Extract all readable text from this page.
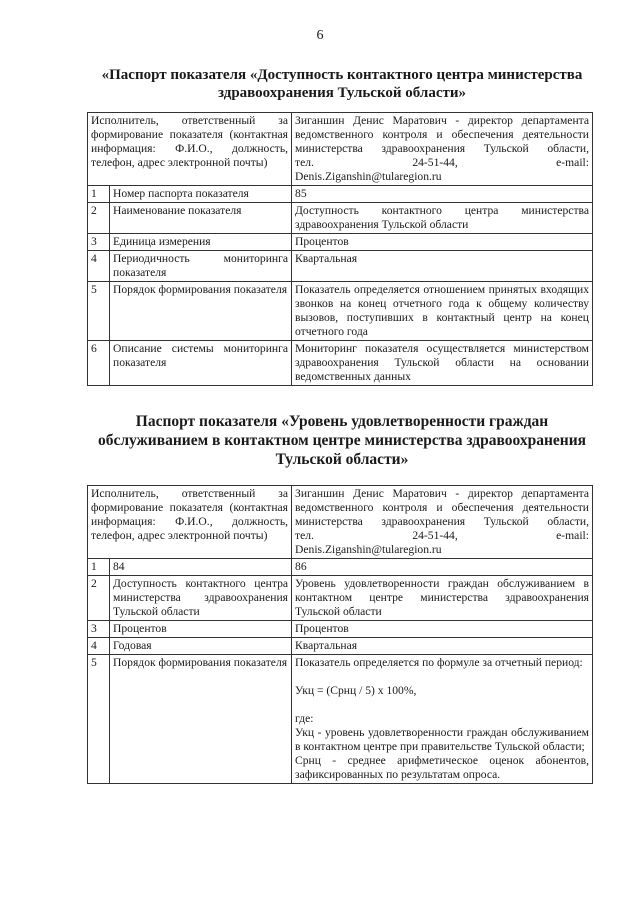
6
«Паспорт показателя «Доступность контактного центра министерства
здравоохранения Тульской области»
Исполнитель, ответственный за формирование показателя (контактная информация: Ф.И.О., должность, телефон, адрес электронной почты)		Зиганшин Денис Маратович - директор департамента ведомственного контроля и обеспечения деятельности министерства здравоохранения Тульской области,
тел. 24-51-44, e-mail:
Denis.Ziganshin@tularegion.ru

1	Номер паспорта показателя	85
2	Наименование показателя	Доступность контактного центра министерства здравоохранения Тульской области
3	Единица измерения	Процентов
4	Периодичность мониторинга показателя	Квартальная
5	Порядок формирования показателя	Показатель определяется отношением принятых входящих звонков на конец отчетного года к общему количеству вызовов, поступивших в контактный центр на конец отчетного года
6	Описание системы мониторинга показателя	Мониторинг показателя осуществляется министерством здравоохранения Тульской области на основании ведомственных данных
Паспорт показателя «Уровень удовлетворенности граждан
обслуживанием в контактном центре министерства здравоохранения
Тульской области»
Исполнитель, ответственный за формирование показателя (контактная информация: Ф.И.О., должность, телефон, адрес электронной почты)		Зиганшин Денис Маратович - директор департамента ведомственного контроля и обеспечения деятельности министерства здравоохранения Тульской области,
тел. 24-51-44, e-mail:
Denis.Ziganshin@tularegion.ru

1	84	86
2	Доступность контактного центра министерства здравоохранения Тульской области	Уровень удовлетворенности граждан обслуживанием в контактном центре министерства здравоохранения Тульской области
3	Процентов	Процентов
4	Годовая	Квартальная
5	Порядок формирования показателя	Показатель определяется по формуле за отчетный период:
Укц = (Срнц / 5) х 100%,
где:
Укц - уровень удовлетворенности граждан обслуживанием в контактном центре при правительстве Тульской области;
Срнц - среднее арифметическое оценок абонентов, зафиксированных по результатам опроса.
